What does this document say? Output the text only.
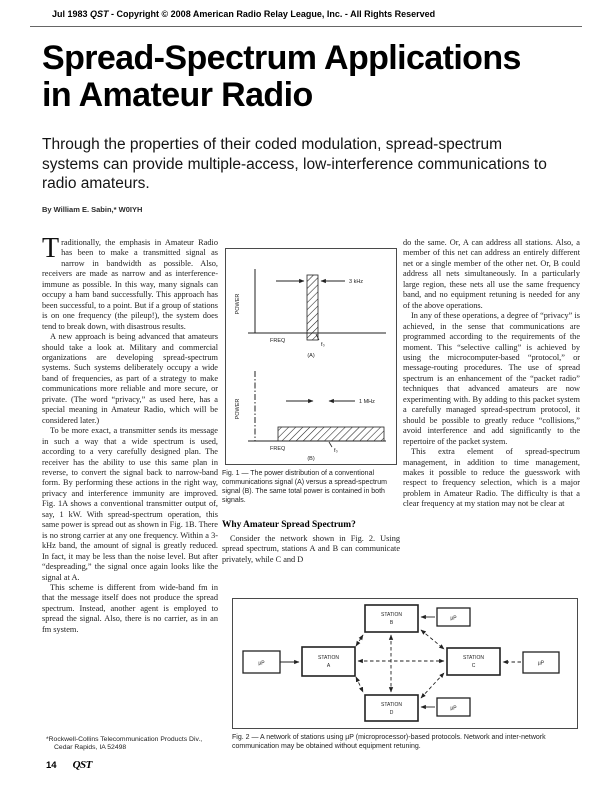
Jul 1983 QST - Copyright © 2008 American Radio Relay League, Inc. - All Rights Reserved
Spread-Spectrum Applications
in Amateur Radio

Through the properties of their coded modulation, spread-spectrum systems can provide multiple-access, low-interference communications to radio amateurs.

By William E. Sabin,* W0IYH

Traditionally, the emphasis in Amateur Radio has been to make a transmitted signal as narrow in bandwidth as possible. Also, receivers are made as narrow and as interference-immune as possible. In this way, many signals can occupy a ham band successfully. This approach has been successful, to a point. But if a group of stations is on one frequency (the pileup!), the system does tend to break down, with disastrous results.

A new approach is being advanced that amateurs should take a look at. Military and commercial organizations are developing spread-spectrum systems. Such systems deliberately occupy a wide band of frequencies, as part of a strategy to make communications more reliable and more secure, or private. (The word “privacy,” as used here, has a special meaning in Amateur Radio, which will be considered later.)

To be more exact, a transmitter sends its message in such a way that a wide spectrum is used, according to a very carefully designed plan. The receiver has the ability to use this same plan in reverse, to convert the signal back to narrow-band form. By performing these actions in the right way, privacy and interference immunity are improved. Fig. 1A shows a conventional transmitter output of, say, 1 kW. With spread-spectrum operation, this same power is spread out as shown in Fig. 1B. There is no strong carrier at any one frequency. Within a 3-kHz band, the amount of signal is greatly reduced. In fact, it may be less than the noise level. But after “despreading,” the signal once again looks like the signal at A.

This scheme is different from wide-band fm in that the message itself does not produce the spread spectrum. Instead, another agent is employed to spread the signal. Also, there is no carrier, as in an fm system.

POWER
3 kHz
FREQ
f₀
(A)
POWER	1 MHz
FREQ	f₀
(B)

Fig. 1 — The power distribution of a conventional communications signal (A) versus a spread-spectrum signal (B). The same total power is contained in both signals.

Why Amateur Spread Spectrum?

Consider the network shown in Fig. 2. Using spread spectrum, stations A and B can communicate privately, while C and D

do the same. Or, A can address all stations. Also, a member of this net can address an entirely different net or a single member of the other net. Or, B could address all nets simultaneously. In a particularly large region, these nets all use the same frequency band, and no equipment retuning is needed for any of the above operations.

In any of these operations, a degree of “privacy” is achieved, in the sense that communications are programmed according to the requirements of the moment. This “selective calling” is achieved by using the microcomputer-based “protocol,” or message-routing procedures. The use of spread spectrum is an enhancement of the “packet radio” techniques that advanced amateurs are now experimenting with. By adding to this packet system a carefully managed spread-spectrum protocol, it should be possible to greatly reduce “collisions,” avoid interference and add significantly to the repertoire of the packet system.

This extra element of spread-spectrum management, in addition to time management, makes it possible to reduce the guesswork with respect to frequency selection, which is a major problem in Amateur Radio. The difficulty is that a clear frequency at my station may not be clear at

µP
STATION
A
STATION
B
µP
STATION
C	µP
STATION
D
µP

Fig. 2 — A network of stations using µP (microprocessor)-based protocols. Network and inter-network communication may be obtained without equipment retuning.

*Rockwell-Collins Telecommunication Products Div., Cedar Rapids, IA 52498

14 QST
